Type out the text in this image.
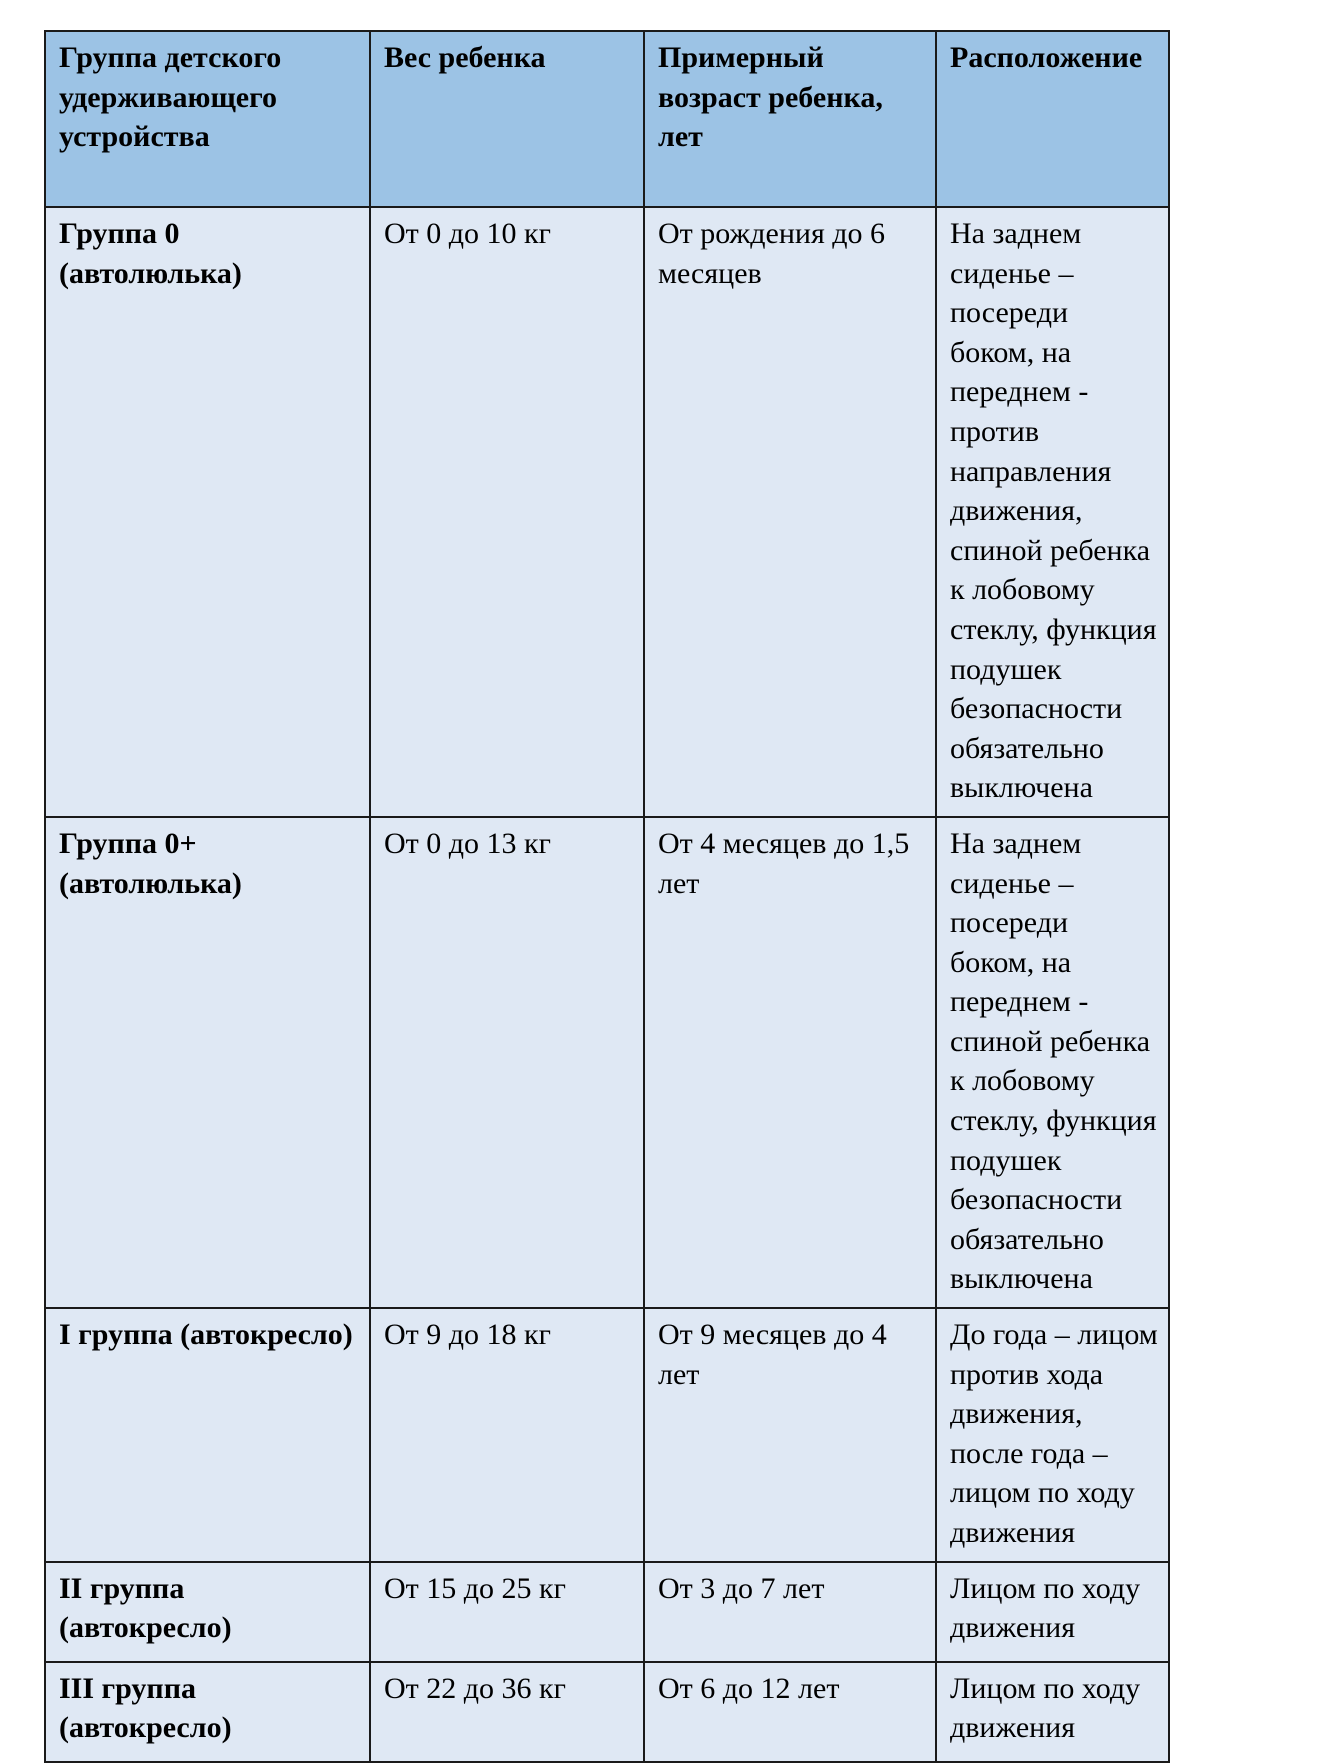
Группа детского удерживающего устройства	Вес ребенка	Примерный возраст ребенка, лет	Расположение
Группа 0 (автолюлька)	От 0 до 10 кг	От рождения до 6 месяцев	На заднем сиденье – посереди боком, на переднем - против направления движения, спиной ребенка к лобовому стеклу, функция подушек безопасности обязательно выключена
Группа 0+ (автолюлька)	От 0 до 13 кг	От 4 месяцев до 1,5 лет	На заднем сиденье – посереди боком, на переднем - спиной ребенка к лобовому стеклу, функция подушек безопасности обязательно выключена
I группа (автокресло)	От 9 до 18 кг	От 9 месяцев до 4 лет	До года – лицом против хода движения, после года – лицом по ходу движения
II группа (автокресло)	От 15 до 25 кг	От 3 до 7 лет	Лицом по ходу движения
III группа (автокресло)	От 22 до 36 кг	От 6 до 12 лет	Лицом по ходу движения
